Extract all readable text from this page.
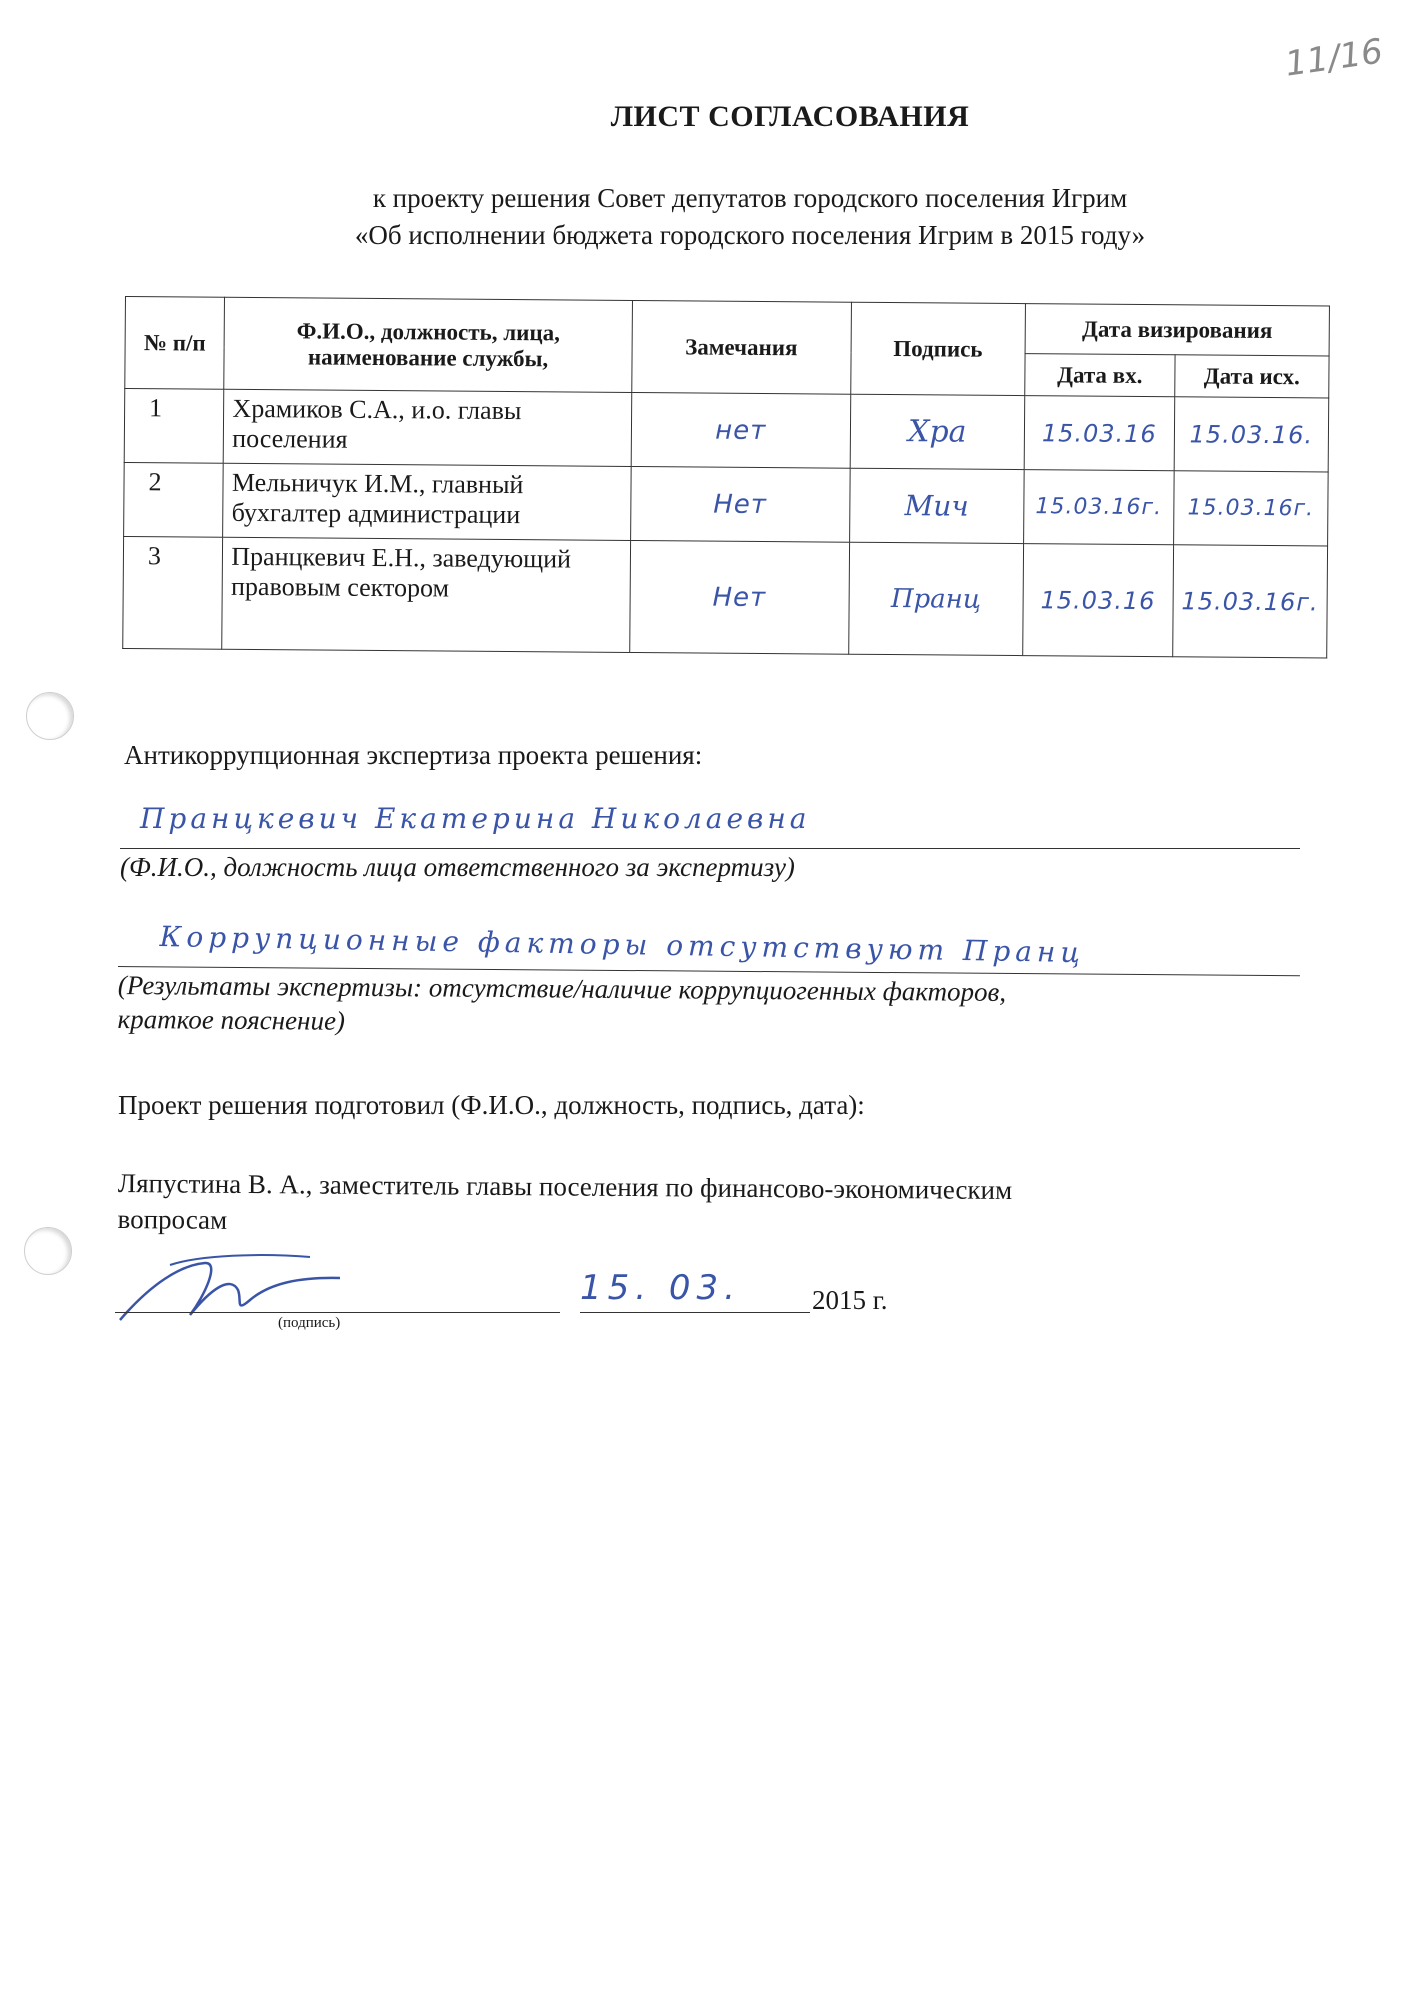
11/16
ЛИСТ СОГЛАСОВАНИЯ
к проекту решения Совет депутатов городского поселения Игрим
«Об исполнении бюджета городского поселения Игрим в 2015 году»
№ п/п	Ф.И.О., должность, лица, наименование службы,	Замечания	Подпись	Дата визирования	
				Дата вх.	Дата исх.
1	Храмиков С.А., и.о. главы поселения	нет	Хра	15.03.16	15.03.16.
2	Мельничук И.М., главный бухгалтер администрации	Нет	Мич	15.03.16г.	15.03.16г.
3	Пранцкевич Е.Н., заведующий правовым сектором	Нет	Пранц	15.03.16	15.03.16г.
Антикоррупционная экспертиза проекта решения:
Пранцкевич Екатерина Николаевна
(Ф.И.О., должность лица ответственного за экспертизу)
Коррупционные факторы отсутствуют Пранц
(Результаты экспертизы: отсутствие/наличие коррупциогенных факторов,
краткое пояснение)
Проект решения подготовил (Ф.И.О., должность, подпись, дата):
Ляпустина В. А., заместитель главы поселения по финансово-экономическим
вопросам
(подпись)
15. 03.	2015 г.
